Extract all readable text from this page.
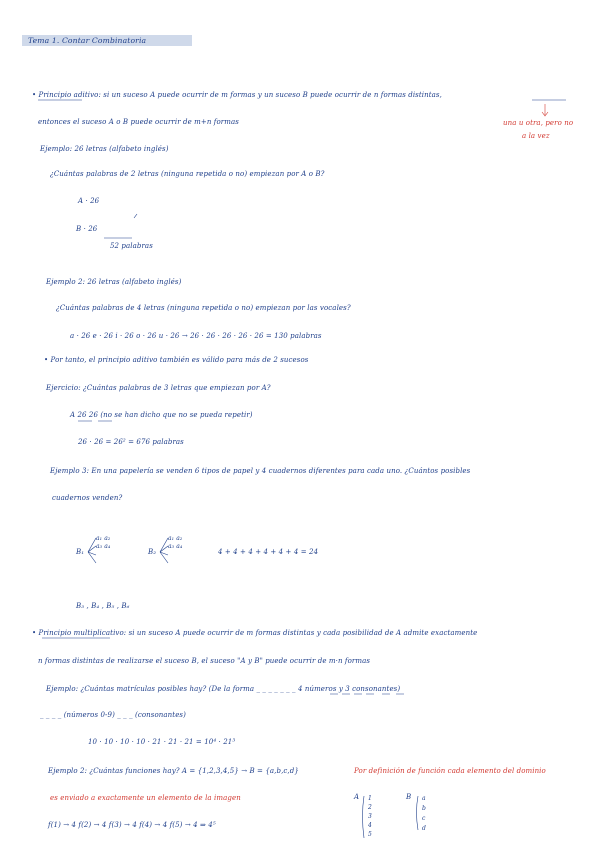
Tema 1. Contar Combinatoria
• Principio aditivo: si un suceso A puede ocurrir de m formas y un suceso B puede ocurrir de n formas distintas,
entonces el suceso A o B puede ocurrir de m+n formas	una u otra, pero no
a la vez
Ejemplo: 26 letras (alfabeto inglés)
¿Cuántas palabras de 2 letras (ninguna repetida o no) empiezan por A o B?
A · 26
B · 26
52 palabras
Ejemplo 2: 26 letras (alfabeto inglés)
¿Cuántas palabras de 4 letras (ninguna repetida o no) empiezan por las vocales?
a · 26 e · 26 i · 26 o · 26 u · 26 → 26 · 26 · 26 · 26 · 26 = 130 palabras
• Por tanto, el principio aditivo también es válido para más de 2 sucesos
Ejercicio: ¿Cuántas palabras de 3 letras que empiezan por A?
A 26 26 (no se han dicho que no se pueda repetir)
26 · 26 = 26² = 676 palabras
Ejemplo 3: En una papelería se venden 6 tipos de papel y 4 cuadernos diferentes para cada uno. ¿Cuántos posibles
cuadernos venden?
B₁
a₁ a₂ a₃ a₄
B₂
a₁ a₂ a₃ a₄
4 + 4 + 4 + 4 + 4 + 4 = 24
B₃ , B₄ , B₅ , B₆
• Principio multiplicativo: si un suceso A puede ocurrir de m formas distintas y cada posibilidad de A admite exactamente
n formas distintas de realizarse el suceso B, el suceso "A y B" puede ocurrir de m·n formas
Ejemplo: ¿Cuántas matrículas posibles hay? (De la forma _ _ _ _ _ _ _ 4 números y 3 consonantes)
_ _ _ _ (números 0-9) _ _ _ (consonantes)
10 · 10 · 10 · 10 · 21 · 21 · 21 = 10⁴ · 21³
Ejemplo 2: ¿Cuántas funciones hay? A = {1,2,3,4,5} → B = {a,b,c,d}	Por definición de función cada elemento del dominio
es enviado a exactamente un elemento de la imagen	A 1
2
3
4
5
B a
b
c
d
f(1) → 4 f(2) → 4 f(3) → 4 f(4) → 4 f(5) → 4 ⇒ 4⁵
